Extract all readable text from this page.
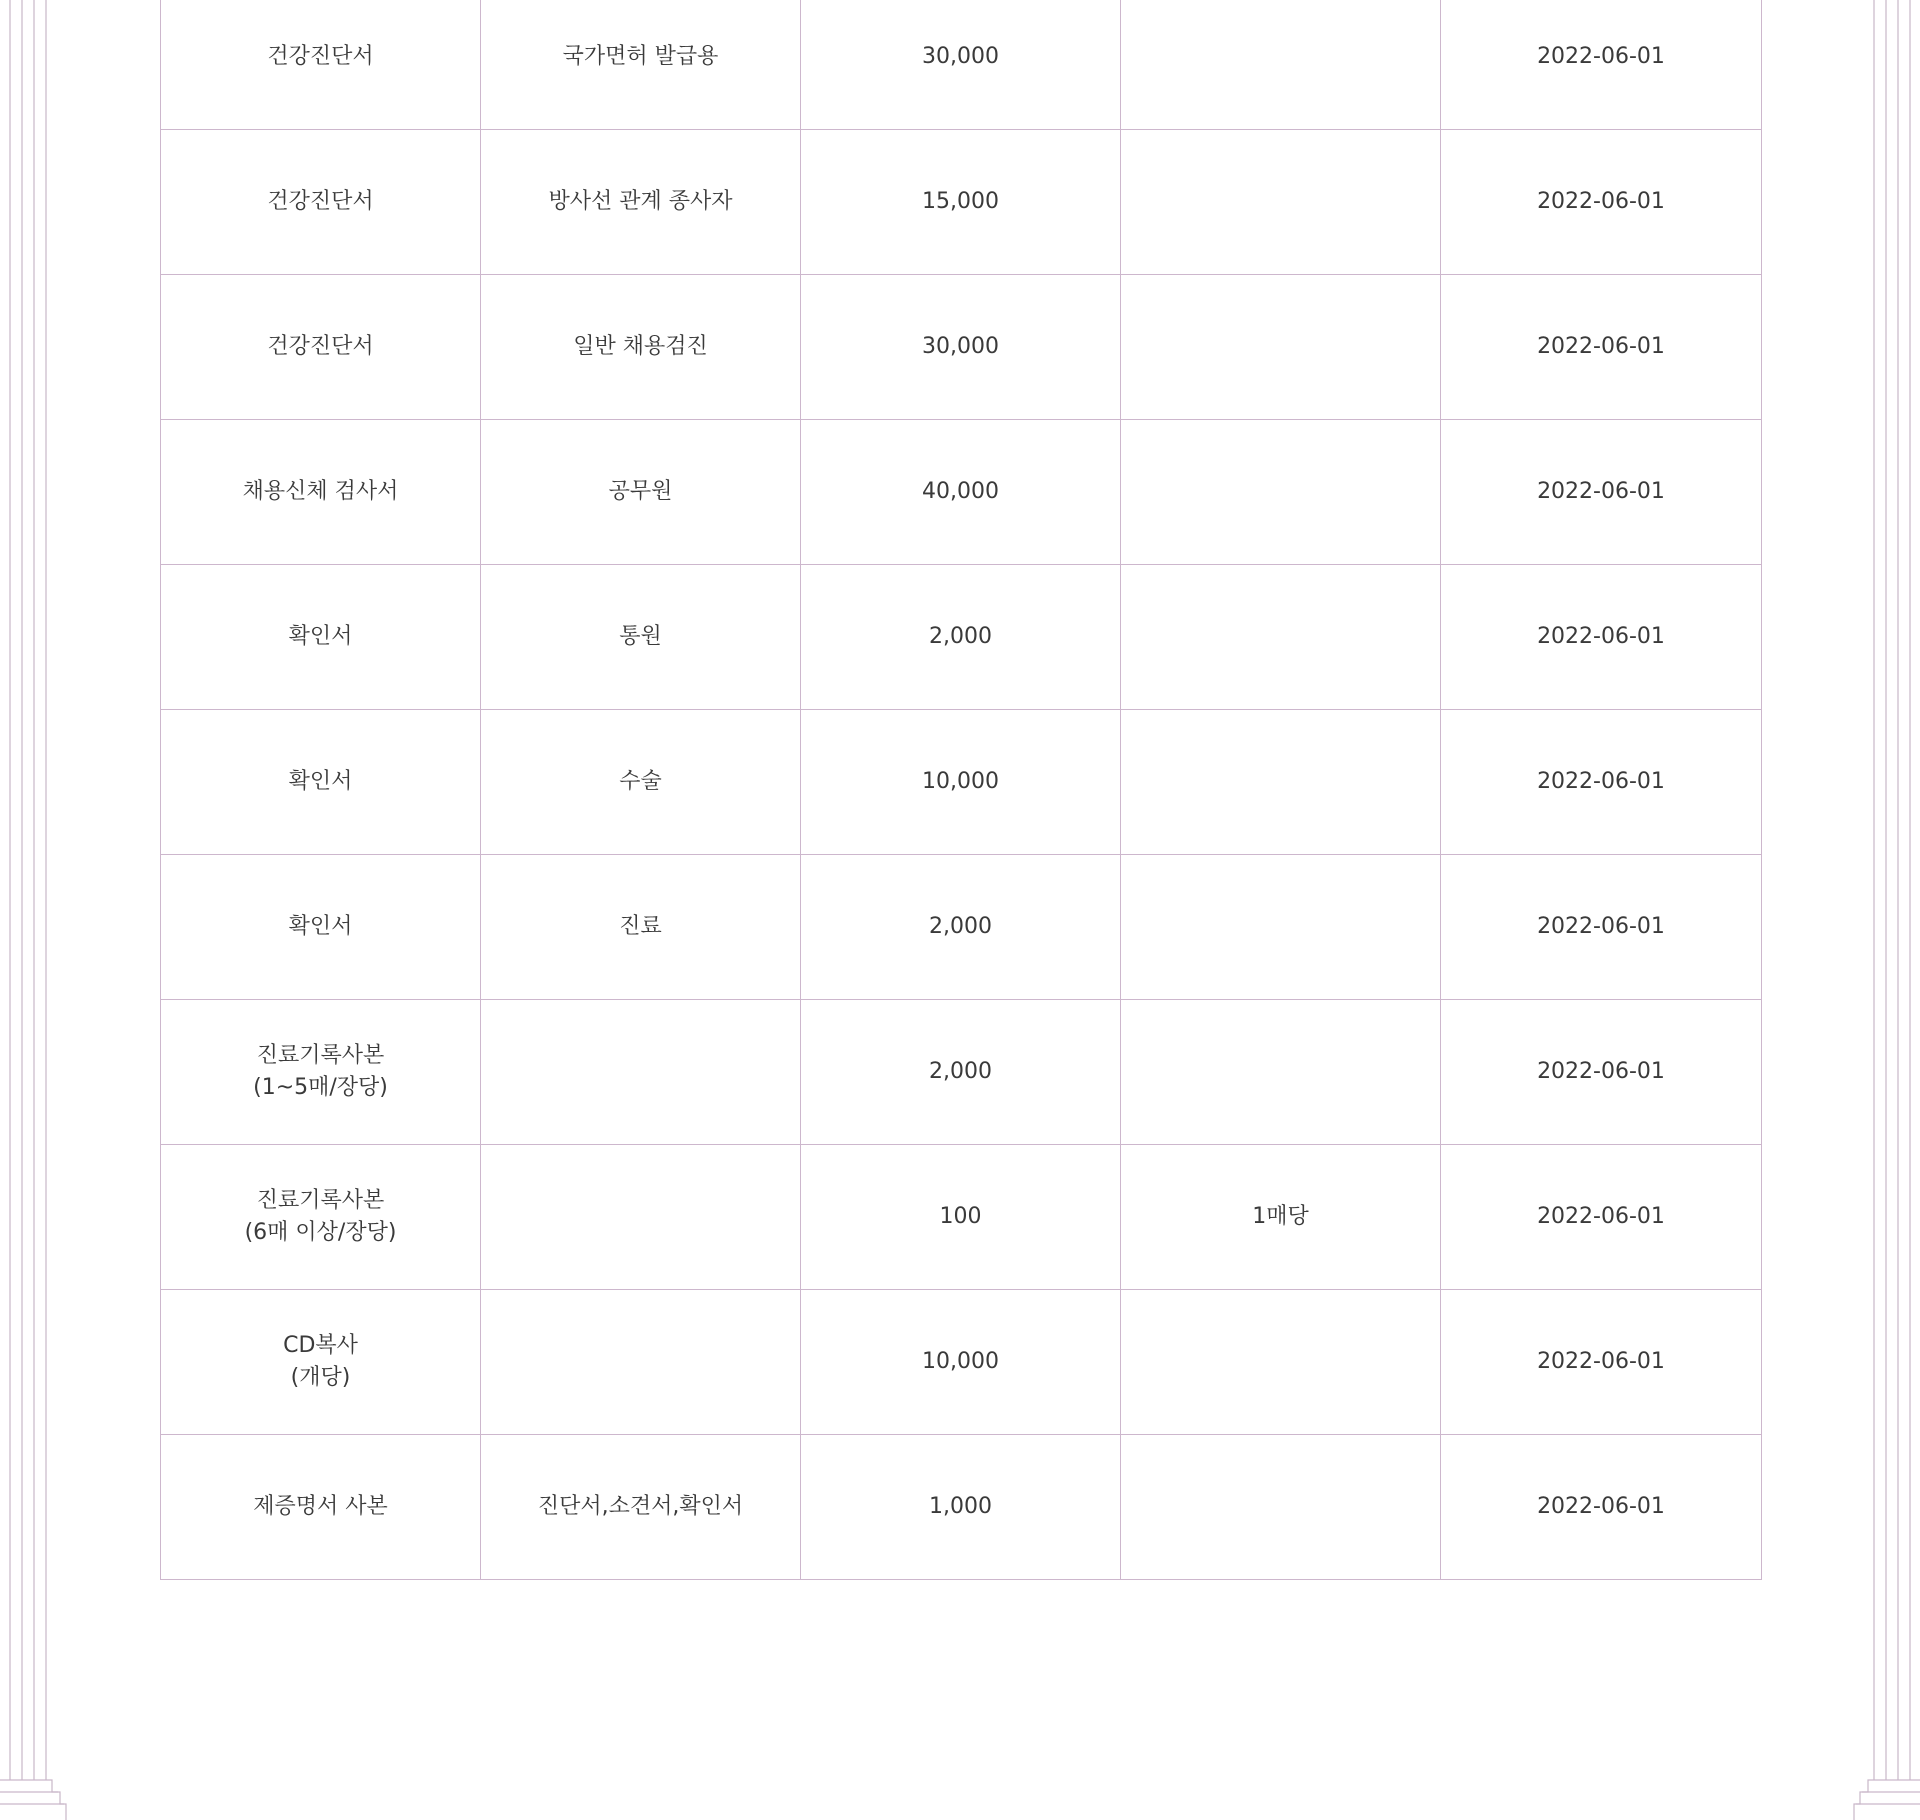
건강진단서	국가면허 발급용	30,000		2022-06-01

건강진단서	방사선 관계 종사자	15,000		2022-06-01

건강진단서	일반 채용검진	30,000		2022-06-01

채용신체 검사서	공무원	40,000		2022-06-01

확인서	통원	2,000		2022-06-01

확인서	수술	10,000		2022-06-01

확인서	진료	2,000		2022-06-01

진료기록사본
(1~5매/장당)		2,000		2022-06-01

진료기록사본
(6매 이상/장당)		100	1매당	2022-06-01

CD복사
(개당)		10,000		2022-06-01

제증명서 사본	진단서,소견서,확인서	1,000		2022-06-01
